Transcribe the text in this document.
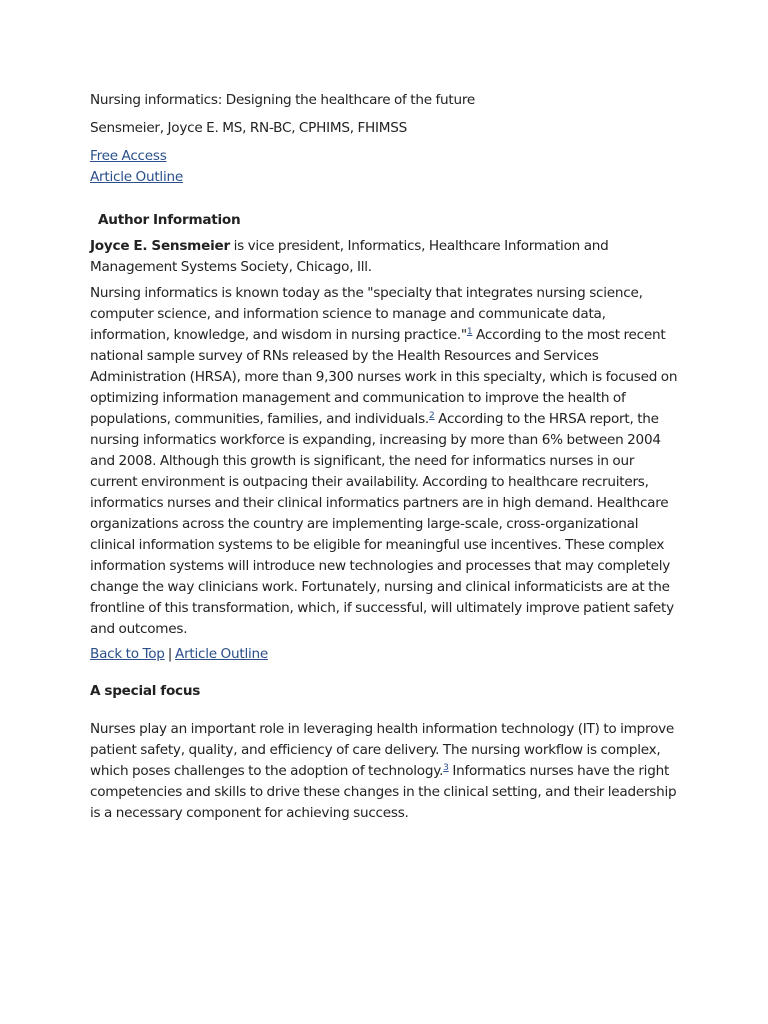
Nursing informatics: Designing the healthcare of the future

Sensmeier, Joyce E. MS, RN-BC, CPHIMS, FHIMSS

Free Access
Article Outline

Author Information

Joyce E. Sensmeier is vice president, Informatics, Healthcare Information and Management Systems Society, Chicago, Ill.

Nursing informatics is known today as the "specialty that integrates nursing science, computer science, and information science to manage and communicate data, information, knowledge, and wisdom in nursing practice."$^1$ According to the most recent national sample survey of RNs released by the Health Resources and Services Administration (HRSA), more than 9,300 nurses work in this specialty, which is focused on optimizing information management and communication to improve the health of populations, communities, families, and individuals.$^2$ According to the HRSA report, the nursing informatics workforce is expanding, increasing by more than 6% between 2004 and 2008. Although this growth is significant, the need for informatics nurses in our current environment is outpacing their availability. According to healthcare recruiters, informatics nurses and their clinical informatics partners are in high demand. Healthcare organizations across the country are implementing large-scale, cross-organizational clinical information systems to be eligible for meaningful use incentives. These complex information systems will introduce new technologies and processes that may completely change the way clinicians work. Fortunately, nursing and clinical informaticists are at the frontline of this transformation, which, if successful, will ultimately improve patient safety and outcomes.

Back to Top | Article Outline

A special focus

Nurses play an important role in leveraging health information technology (IT) to improve patient safety, quality, and efficiency of care delivery. The nursing workflow is complex, which poses challenges to the adoption of technology.$^3$ Informatics nurses have the right competencies and skills to drive these changes in the clinical setting, and their leadership is a necessary component for achieving success.
